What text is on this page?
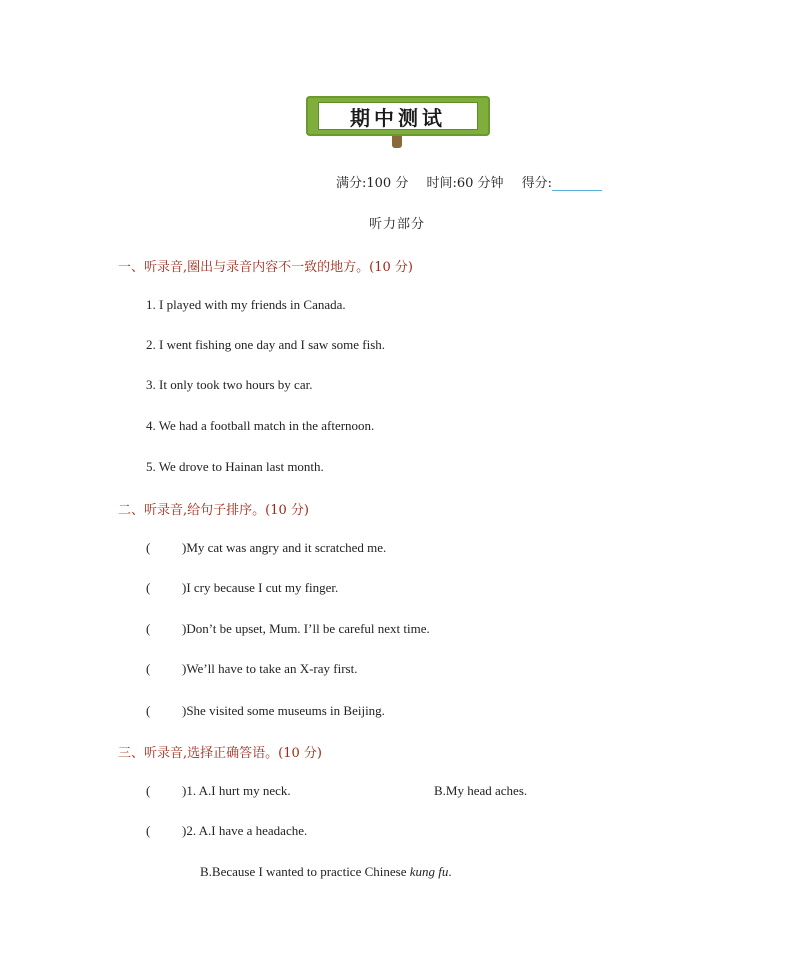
期中测试
满分:100 分 时间:60 分钟 得分:
听力部分
一、听录音,圈出与录音内容不一致的地方。(10 分)
1. I played with my friends in Canada.
2. I went fishing one day and I saw some fish.
3. It only took two hours by car.
4. We had a football match in the afternoon.
5. We drove to Hainan last month.
二、听录音,给句子排序。(10 分)
( )My cat was angry and it scratched me.
( )I cry because I cut my finger.
( )Don’t be upset, Mum. I’ll be careful next time.
( )We’ll have to take an X-ray first.
( )She visited some museums in Beijing.
三、听录音,选择正确答语。(10 分)
( )1. A.I hurt my neck.	B.My head aches.
( )2. A.I have a headache.
B.Because I wanted to practice Chinese kung fu.
